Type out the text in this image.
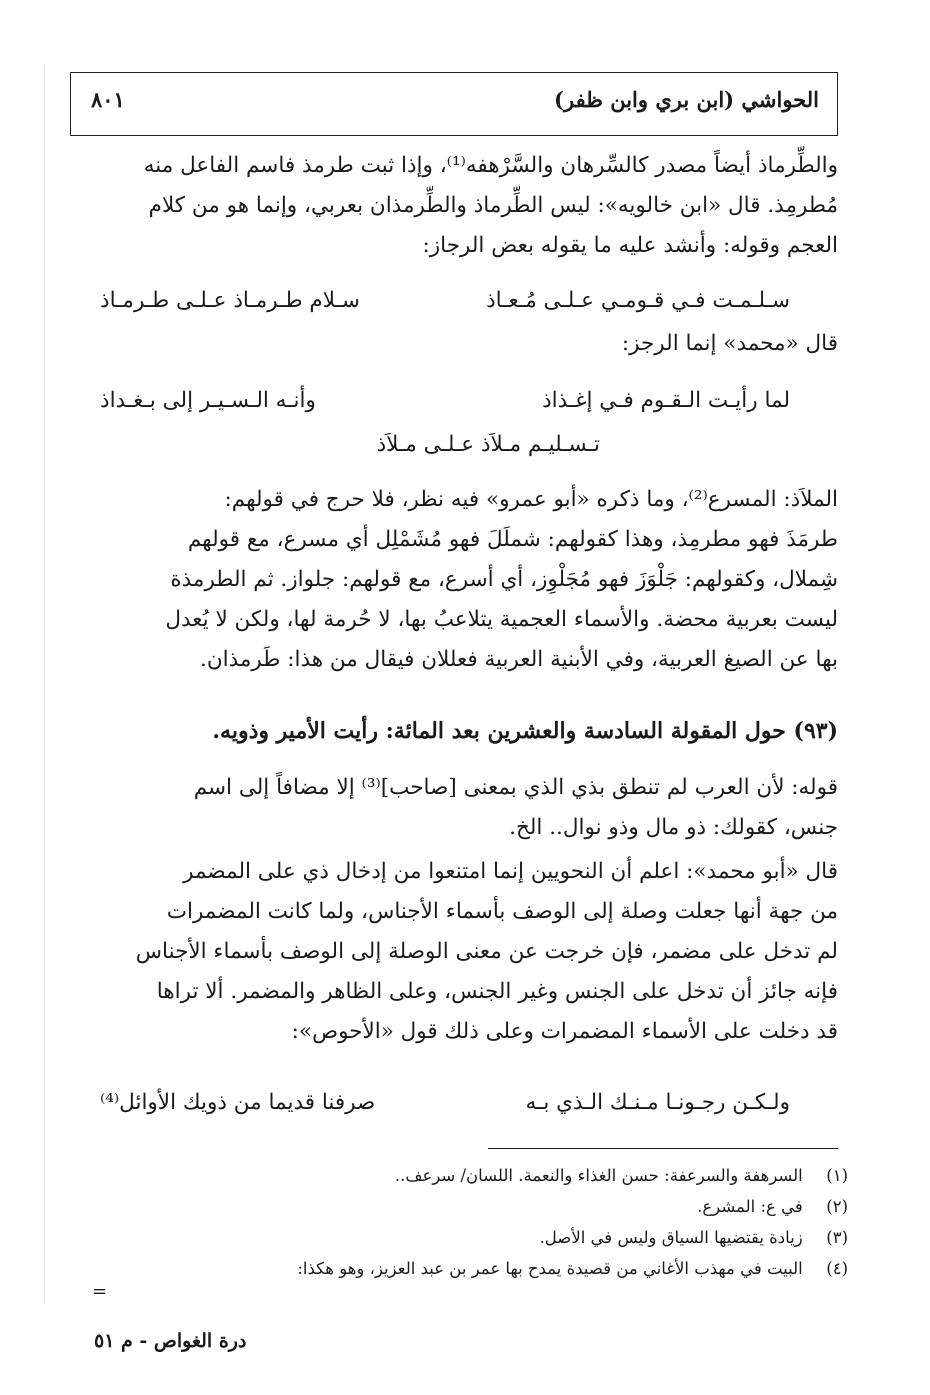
الحواشي (ابن بري وابن ظفر)
٨٠١

والطِّرماذ أيضاً مصدر كالسِّرهان والسَّرْهفه⁽¹⁾، وإذا ثبت طرمذ فاسم الفاعل منه

مُطرمِذ. قال «ابن خالويه»: ليس الطِّرماذ والطِّرمذان بعربي، وإنما هو من كلام

العجم وقوله: وأنشد عليه ما يقوله بعض الرجاز:

سـلـمـت فـي قـومـي عـلـى مُـعـاذ
سـلام طـرمـاذ عـلـى طـرمـاذ

قال «محمد» إنما الرجز:

لما رأيـت الـقـوم فـي إغـذاذ
وأنـه الـسـيـر إلى بـغـداذ
تـسـليـم مـلاَذ عـلـى مـلاَذ

الملاَذ: المسرع⁽²⁾، وما ذكره «أبو عمرو» فيه نظر، فلا حرج في قولهم:

طرمَذَ فهو مطرمِذ، وهذا كقولهم: شملَلَ فهو مُشَمْلِل أي مسرع، مع قولهم

شِملال، وكقولهم: جَلْوَزَ فهو مُجَلْوِز، أي أسرع، مع قولهم: جلواز. ثم الطرمذة

ليست بعربية محضة. والأسماء العجمية يتلاعبُ بها، لا حُرمة لها، ولكن لا يُعدل

بها عن الصيغ العربية، وفي الأبنية العربية فعللان فيقال من هذا: طَرمذان.

(٩٣) حول المقولة السادسة والعشرين بعد المائة: رأيت الأمير وذويه.

قوله: لأن العرب لم تنطق بذي الذي بمعنى [صاحب]⁽³⁾ إلا مضافاً إلى اسم

جنس، كقولك: ذو مال وذو نوال.. الخ.

قال «أبو محمد»: اعلم أن النحويين إنما امتنعوا من إدخال ذي على المضمر

من جهة أنها جعلت وصلة إلى الوصف بأسماء الأجناس، ولما كانت المضمرات

لم تدخل على مضمر، فإن خرجت عن معنى الوصلة إلى الوصف بأسماء الأجناس

فإنه جائز أن تدخل على الجنس وغير الجنس، وعلى الظاهر والمضمر. ألا تراها

قد دخلت على الأسماء المضمرات وعلى ذلك قول «الأحوص»:

ولـكـن رجـونـا مـنـك الـذي بـه
صرفنا قديما من ذويك الأوائل⁽⁴⁾
(١) السرهفة والسرعفة: حسن الغذاء والنعمة. اللسان/ سرعف..
(٢) في ع: المشرع.
(٣) زيادة يقتضيها السياق وليس في الأصل.
(٤) البيت في مهذب الأغاني من قصيدة يمدح بها عمر بن عبد العزيز، وهو هكذا:
=
درة الغواص - م ٥١
